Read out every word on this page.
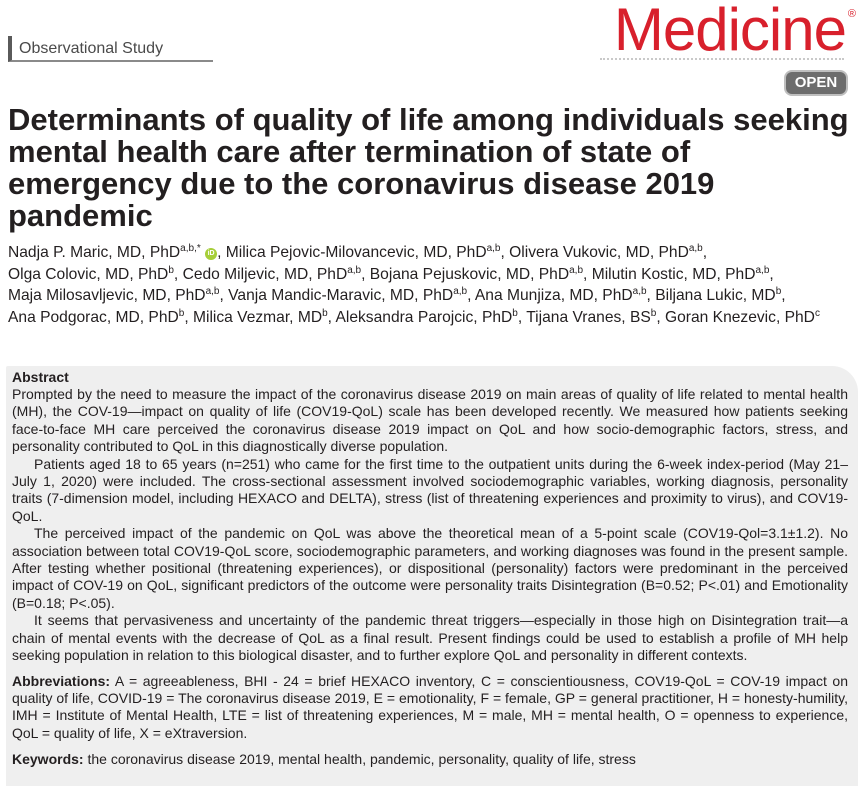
Observational Study	Medicine ®
OPEN
Determinants of quality of life among individuals seeking mental health care after termination of state of emergency due to the coronavirus disease 2019 pandemic
Nadja P. Maric, MD, PhD$^{a,b,*}$ iD , Milica Pejovic-Milovancevic, MD, PhD$^{a,b}$, Olivera Vukovic, MD, PhD$^{a,b}$, Olga Colovic, MD, PhD$^b$, Cedo Miljevic, MD, PhD$^{a,b}$, Bojana Pejuskovic, MD, PhD$^{a,b}$, Milutin Kostic, MD, PhD$^{a,b}$, Maja Milosavljevic, MD, PhD$^{a,b}$, Vanja Mandic-Maravic, MD, PhD$^{a,b}$, Ana Munjiza, MD, PhD$^{a,b}$, Biljana Lukic, $MD^b$, Ana Podgorac, MD, PhD$^b$, Milica Vezmar, $MD^b$, Aleksandra Parojcic, PhD$^b$, Tijana Vranes, $BS^b$, Goran Knezevic, PhD$^c$
Abstract

Prompted by the need to measure the impact of the coronavirus disease 2019 on main areas of quality of life related to mental health (MH), the COV-19—impact on quality of life (COV19-QoL) scale has been developed recently. We measured how patients seeking face-to-face MH care perceived the coronavirus disease 2019 impact on QoL and how socio-demographic factors, stress, and personality contributed to QoL in this diagnostically diverse population.

Patients aged 18 to 65 years (n=251) who came for the first time to the outpatient units during the 6-week index-period (May 21–July 1, 2020) were included. The cross-sectional assessment involved sociodemographic variables, working diagnosis, personality traits (7-dimension model, including HEXACO and DELTA), stress (list of threatening experiences and proximity to virus), and COV19-QoL.

The perceived impact of the pandemic on QoL was above the theoretical mean of a 5-point scale (COV19-Qol=3.1±1.2). No association between total COV19-QoL score, sociodemographic parameters, and working diagnoses was found in the present sample. After testing whether positional (threatening experiences), or dispositional (personality) factors were predominant in the perceived impact of COV-19 on QoL, significant predictors of the outcome were personality traits Disintegration (B=0.52; P<.01) and Emotionality (B=0.18; P<.05).

It seems that pervasiveness and uncertainty of the pandemic threat triggers—especially in those high on Disintegration trait—a chain of mental events with the decrease of QoL as a final result. Present findings could be used to establish a profile of MH help seeking population in relation to this biological disaster, and to further explore QoL and personality in different contexts.

Abbreviations: A = agreeableness, BHI - 24 = brief HEXACO inventory, C = conscientiousness, COV19-QoL = COV-19 impact on quality of life, COVID-19 = The coronavirus disease 2019, E = emotionality, F = female, GP = general practitioner, H = honesty-humility, IMH = Institute of Mental Health, LTE = list of threatening experiences, M = male, MH = mental health, O = openness to experience, QoL = quality of life, X = eXtraversion.

Keywords: the coronavirus disease 2019, mental health, pandemic, personality, quality of life, stress
